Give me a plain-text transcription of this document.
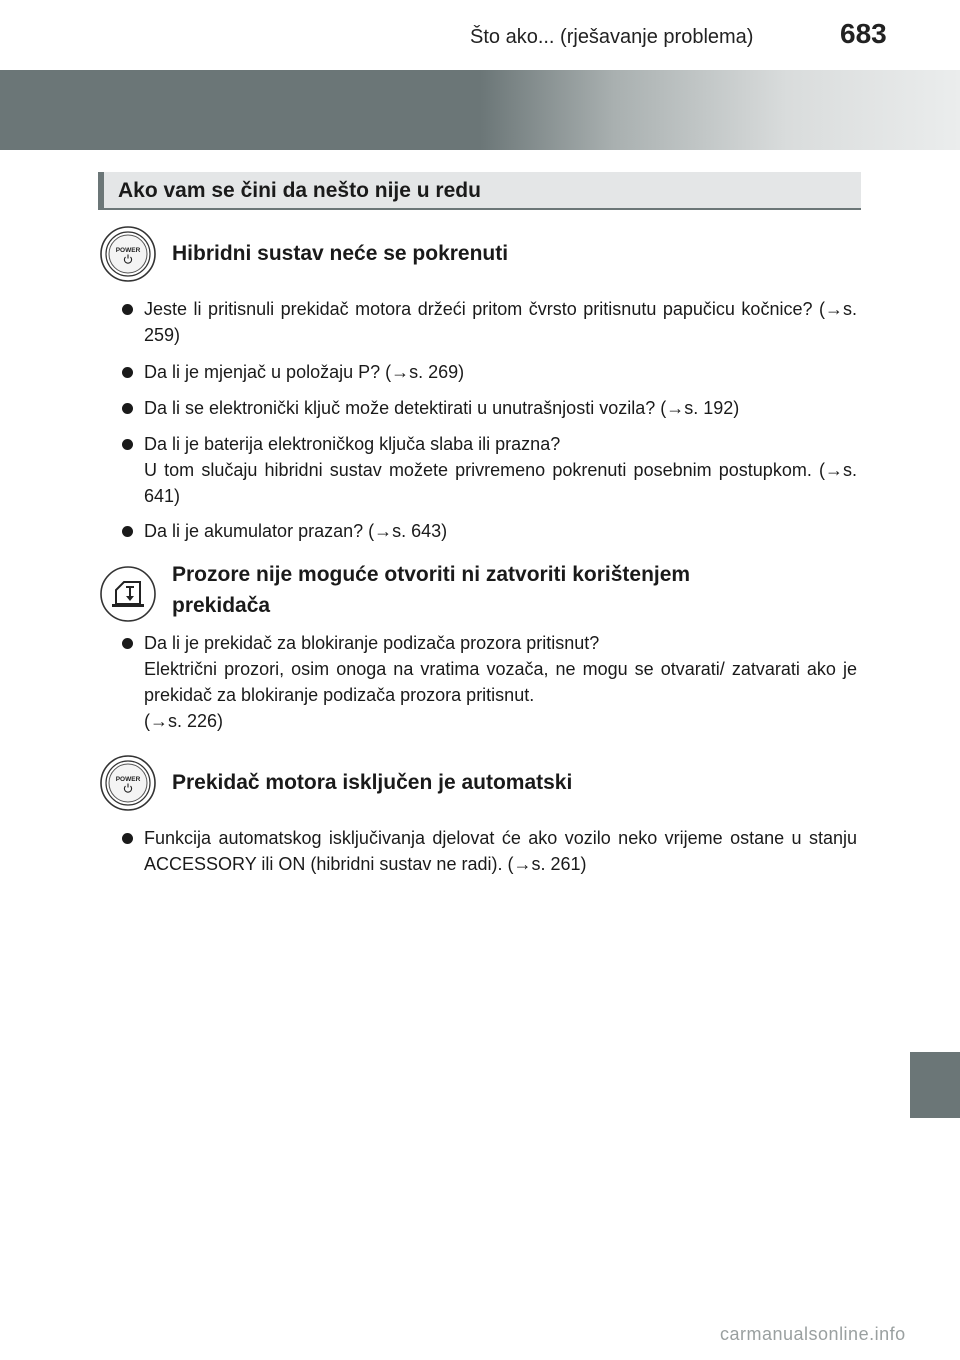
Što ako... (rješavanje problema)	683
Ako vam se čini da nešto nije u redu
POWER Hibridni sustav neće se pokrenuti
Jeste li pritisnuli prekidač motora držeći pritom čvrsto pritisnutu papučicu kočnice? (→s. 259)
Da li je mjenjač u položaju P? (→s. 269)
Da li se elektronički ključ može detektirati u unutrašnjosti vozila? (→s. 192)
Da li je baterija elektroničkog ključa slaba ili prazna?
U tom slučaju hibridni sustav možete privremeno pokrenuti posebnim postupkom. (→s. 641)
Da li je akumulator prazan? (→s. 643)
Prozore nije moguće otvoriti ni zatvoriti korištenjem
prekidača
Da li je prekidač za blokiranje podizača prozora pritisnut?
Električni prozori, osim onoga na vratima vozača, ne mogu se otvarati/ zatvarati ako je prekidač za blokiranje podizača prozora pritisnut.
(→s. 226)
POWER Prekidač motora isključen je automatski
Funkcija automatskog isključivanja djelovat će ako vozilo neko vrijeme ostane u stanju ACCESSORY ili ON (hibridni sustav ne radi). (→s. 261)
carmanualsonline.info
